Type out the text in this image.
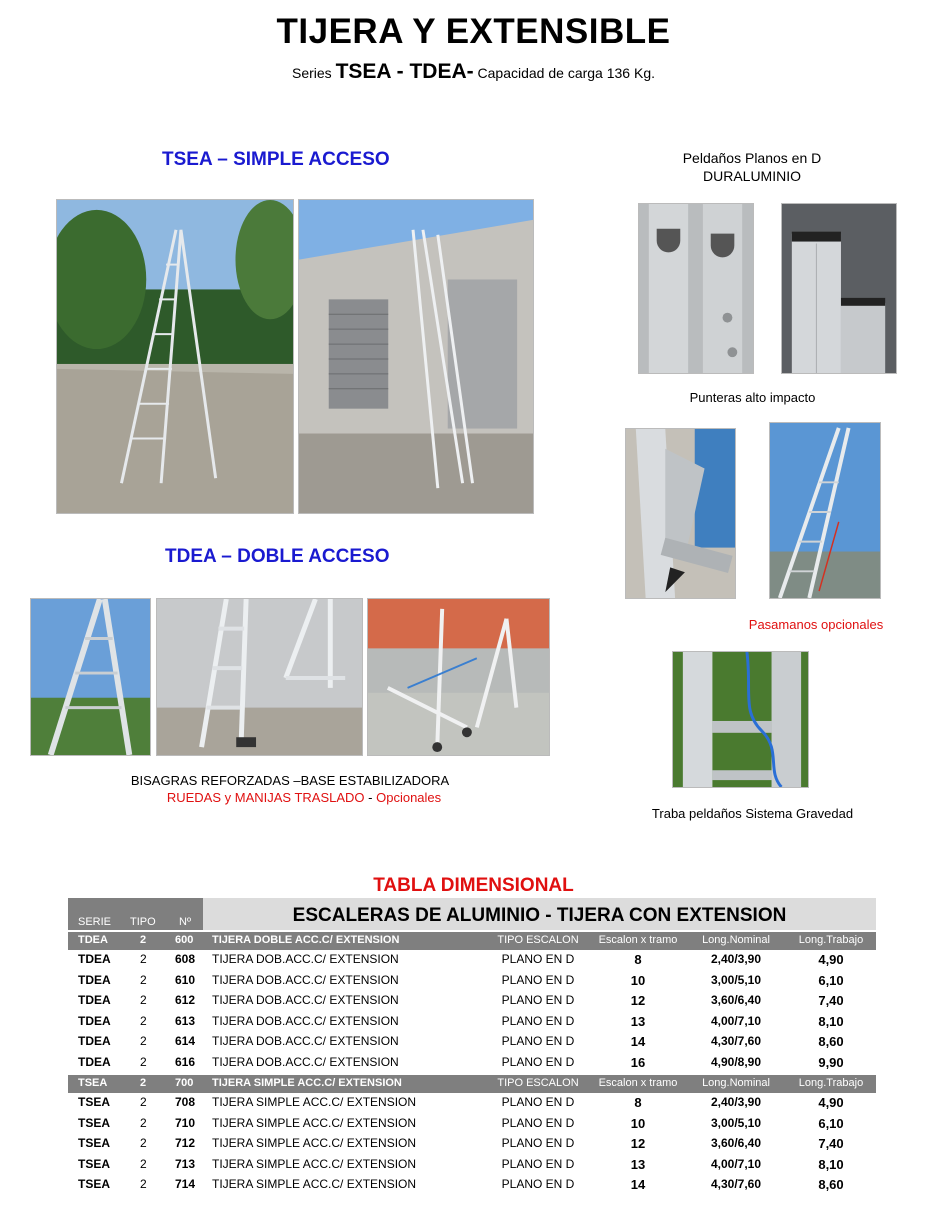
TIJERA Y EXTENSIBLE
Series TSEA - TDEA- Capacidad de carga 136 Kg.
TSEA – SIMPLE ACCESO
TDEA – DOBLE ACCESO
BISAGRAS REFORZADAS –BASE ESTABILIZADORA
RUEDAS y MANIJAS TRASLADO - Opcionales
Peldaños Planos en D
DURALUMINIO
Punteras alto impacto
Pasamanos opcionales
Traba peldaños Sistema Gravedad
TABLA DIMENSIONAL
SERIE TIPO Nº	ESCALERAS DE ALUMINIO - TIJERA CON EXTENSION
TDEA	2	600 TIJERA DOBLE ACC.C/ EXTENSION	TIPO ESCALON	Escalon x tramo	Long.Nominal	Long.Trabajo
TDEA 2 608 TIJERA DOB.ACC.C/ EXTENSION	PLANO EN D	8	2,40/3,90	4,90
TDEA 2 610 TIJERA DOB.ACC.C/ EXTENSION	PLANO EN D	10	3,00/5,10	6,10
TDEA 2 612 TIJERA DOB.ACC.C/ EXTENSION	PLANO EN D	12	3,60/6,40	7,40
TDEA 2 613 TIJERA DOB.ACC.C/ EXTENSION	PLANO EN D	13	4,00/7,10	8,10
TDEA 2 614 TIJERA DOB.ACC.C/ EXTENSION	PLANO EN D	14	4,30/7,60	8,60
TDEA 2 616 TIJERA DOB.ACC.C/ EXTENSION	PLANO EN D	16	4,90/8,90	9,90
TSEA	2	700 TIJERA SIMPLE ACC.C/ EXTENSION	TIPO ESCALON	Escalon x tramo	Long.Nominal	Long.Trabajo
TSEA 2 708 TIJERA SIMPLE ACC.C/ EXTENSION	PLANO EN D	8	2,40/3,90	4,90
TSEA 2 710 TIJERA SIMPLE ACC.C/ EXTENSION	PLANO EN D	10	3,00/5,10	6,10
TSEA 2 712 TIJERA SIMPLE ACC.C/ EXTENSION	PLANO EN D	12	3,60/6,40	7,40
TSEA 2 713 TIJERA SIMPLE ACC.C/ EXTENSION	PLANO EN D	13	4,00/7,10	8,10
TSEA 2 714 TIJERA SIMPLE ACC.C/ EXTENSION	PLANO EN D	14	4,30/7,60	8,60
